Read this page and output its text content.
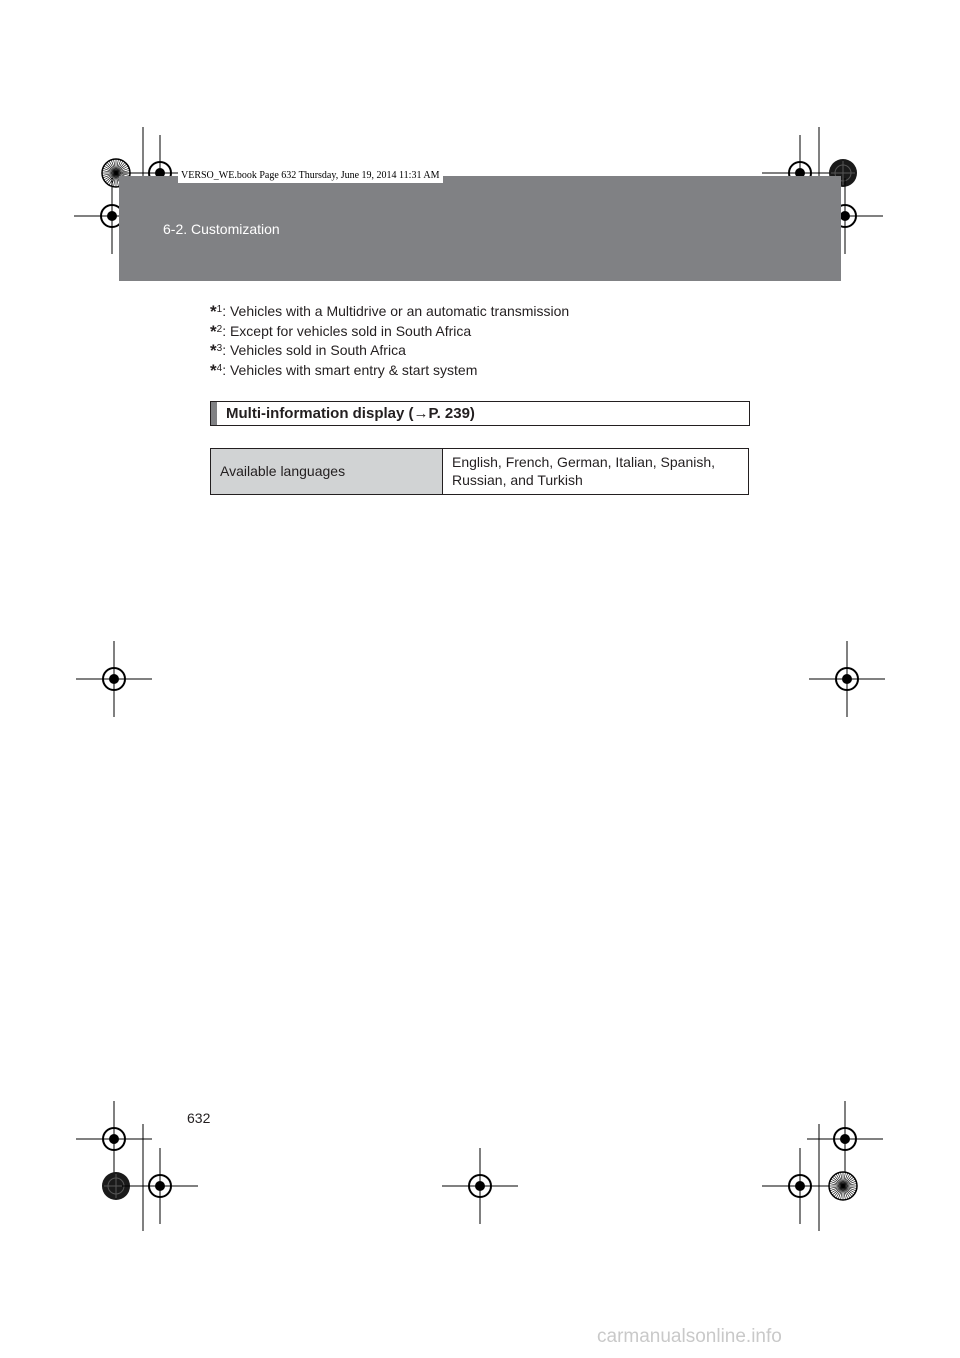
6-2. Customization
VERSO_WE.book Page 632 Thursday, June 19, 2014 11:31 AM
*$^1$: Vehicles with a Multidrive or an automatic transmission
*$^2$: Except for vehicles sold in South Africa
*$^3$: Vehicles sold in South Africa
*$^4$: Vehicles with smart entry & start system
Multi-information display (→P. 239)
Available languages
English, French, German, Italian, Spanish,
Russian, and Turkish
632
carmanualsonline.info
